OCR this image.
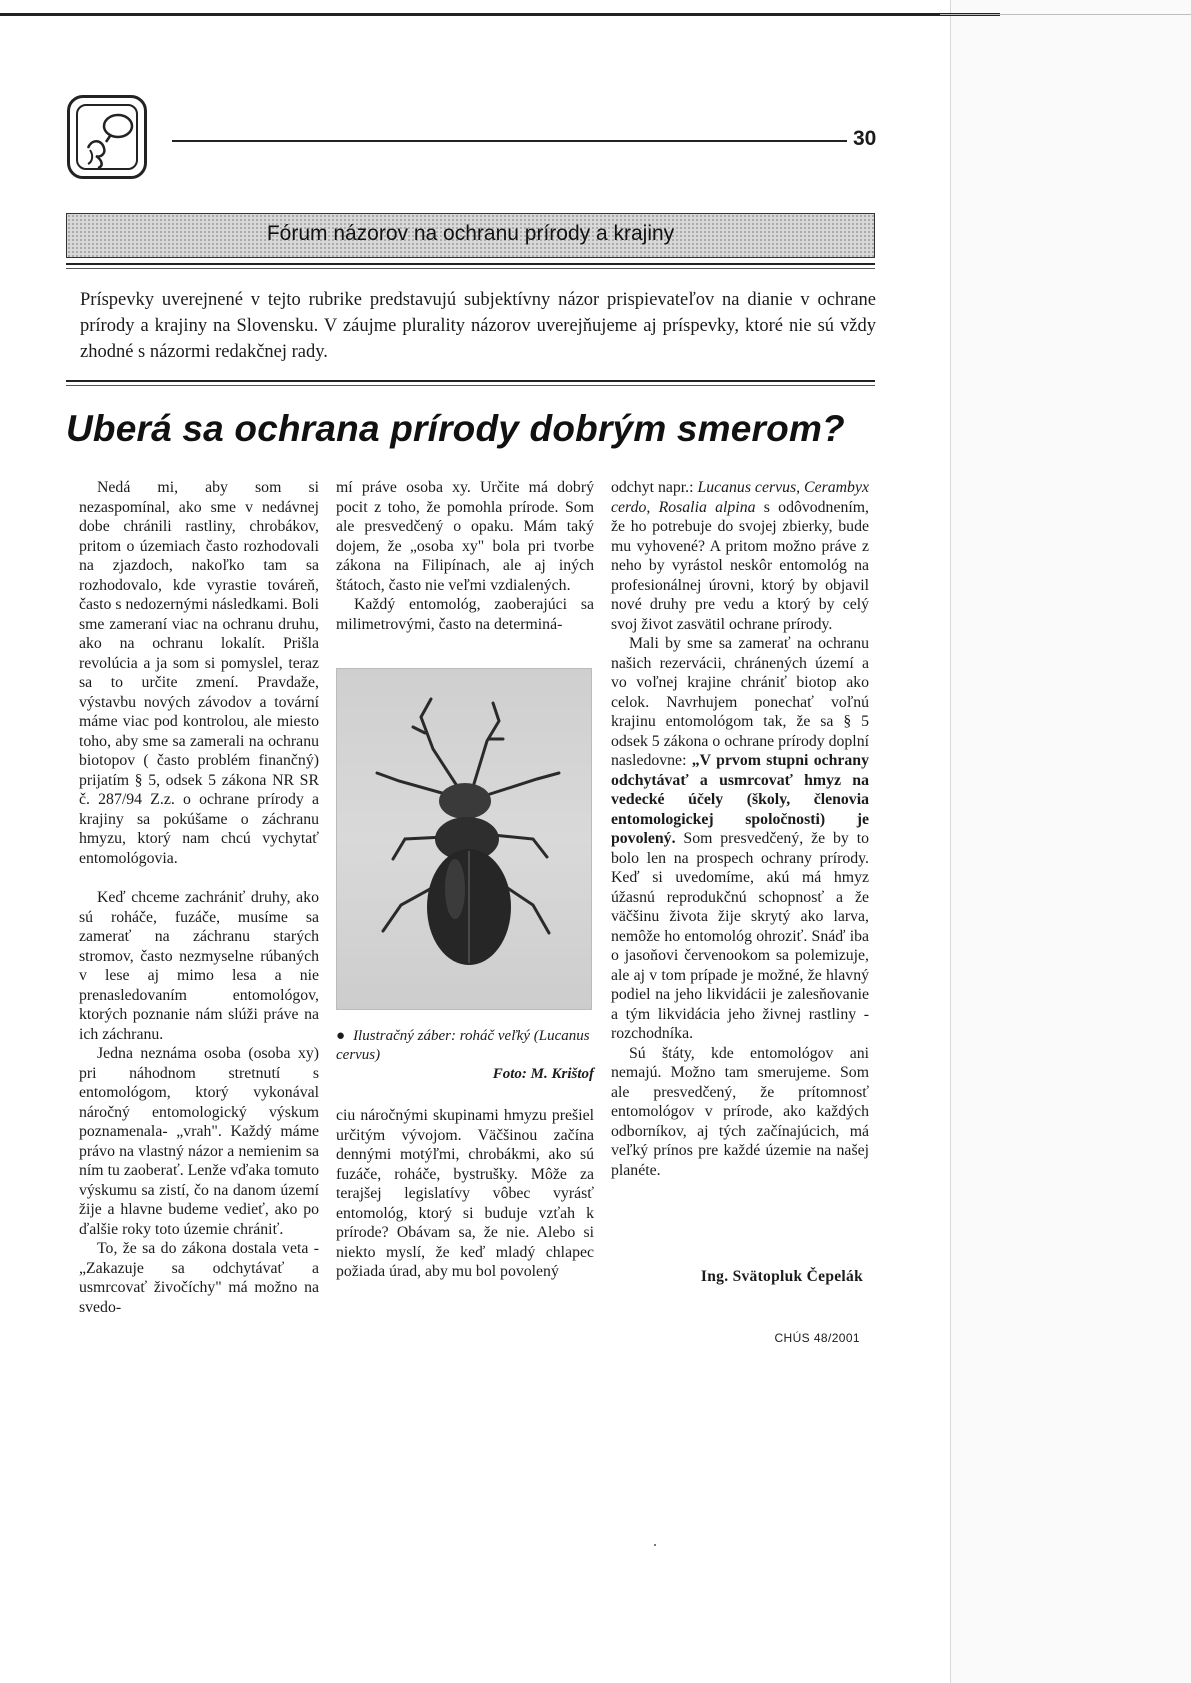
30
Fórum názorov na ochranu prírody a krajiny
Príspevky uverejnené v tejto rubrike predstavujú subjektívny názor prispievateľov na dianie v ochrane prírody a krajiny na Slovensku. V záujme plurality názorov uverejňujeme aj príspevky, ktoré nie sú vždy zhodné s názormi redakčnej rady.
Uberá sa ochrana prírody dobrým smerom?

Nedá mi, aby som si nezaspomínal, ako sme v nedávnej dobe chránili rastliny, chrobákov, pritom o územiach často rozhodovali na zjazdoch, nakoľko tam sa rozhodovalo, kde vyrastie továreň, často s nedozernými následkami. Boli sme zameraní viac na ochranu druhu, ako na ochranu lokalít. Prišla revolúcia a ja som si pomyslel, teraz sa to určite zmení. Pravdaže, výstavbu nových závodov a tovární máme viac pod kontrolou, ale miesto toho, aby sme sa zamerali na ochranu biotopov ( často problém finančný) prijatím § 5, odsek 5 zákona NR SR č. 287/94 Z.z. o ochrane prírody a krajiny sa pokúšame o záchranu hmyzu, ktorý nam chcú vychytať entomológovia.

Keď chceme zachrániť druhy, ako sú roháče, fuzáče, musíme sa zamerať na záchranu starých stromov, často nezmyselne rúbaných v lese aj mimo lesa a nie prenasledovaním entomológov, ktorých poznanie nám slúži práve na ich záchranu.

Jedna neznáma osoba (osoba xy) pri náhodnom stretnutí s entomológom, ktorý vykonával náročný entomologický výskum poznamenala- „vrah". Každý máme právo na vlastný názor a nemienim sa ním tu zaoberať. Lenže vďaka tomuto výskumu sa zistí, čo na danom území žije a hlavne budeme vedieť, ako po ďalšie roky toto územie chrániť.

To, že sa do zákona dostala veta - „Zakazuje sa odchytávať a usmrcovať živočíchy" má možno na svedo-

mí práve osoba xy. Určite má dobrý pocit z toho, že pomohla prírode. Som ale presvedčený o opaku. Mám taký dojem, že „osoba xy" bola pri tvorbe zákona na Filipínach, ale aj iných štátoch, často nie veľmi vzdialených.

Každý entomológ, zaoberajúci sa milimetrovými, často na determiná-

● Ilustračný záber: roháč veľký (Lucanus cervus)
Foto: M. Krištof

ciu náročnými skupinami hmyzu prešiel určitým vývojom. Väčšinou začína dennými motýľmi, chrobákmi, ako sú fuzáče, roháče, bystrušky. Môže za terajšej legislatívy vôbec vyrásť entomológ, ktorý si buduje vzťah k prírode? Obávam sa, že nie. Alebo si niekto myslí, že keď mladý chlapec požiada úrad, aby mu bol povolený

odchyt napr.: Lucanus cervus, Cerambyx cerdo, Rosalia alpina s odôvodnením, že ho potrebuje do svojej zbierky, bude mu vyhovené? A pritom možno práve z neho by vyrástol neskôr entomológ na profesionálnej úrovni, ktorý by objavil nové druhy pre vedu a ktorý by celý svoj život zasvätil ochrane prírody.

Mali by sme sa zamerať na ochranu našich rezervácii, chránených území a vo voľnej krajine chrániť biotop ako celok. Navrhujem ponechať voľnú krajinu entomológom tak, že sa § 5 odsek 5 zákona o ochrane prírody doplní nasledovne: „V prvom stupni ochrany odchytávať a usmrcovať hmyz na vedecké účely (školy, členovia entomologickej spoločnosti) je povolený. Som presvedčený, že by to bolo len na prospech ochrany prírody. Keď si uvedomíme, akú má hmyz úžasnú reprodukčnú schopnosť a že väčšinu života žije skrytý ako larva, nemôže ho entomológ ohroziť. Snáď iba o jasoňovi červenookom sa polemizuje, ale aj v tom prípade je možné, že hlavný podiel na jeho likvidácii je zalesňovanie a tým likvidácia jeho živnej rastliny - rozchodníka.

Sú štáty, kde entomológov ani nemajú. Možno tam smerujeme. Som ale presvedčený, že prítomnosť entomológov v prírode, ako každých odborníkov, aj tých začínajúcich, má veľký prínos pre každé územie na našej planéte.

Ing. Svätopluk Čepelák
CHÚS 48/2001
